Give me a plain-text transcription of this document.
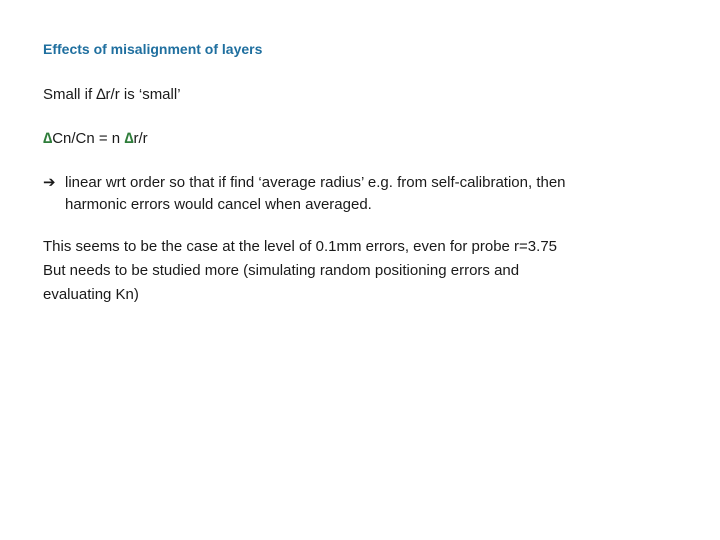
Effects of misalignment of layers
Small if ∆r/r is ‘small’
∆Cn/Cn = n ∆r/r
➔ linear wrt order so that if find ‘average radius’ e.g. from self-calibration, then
harmonic errors would cancel when averaged.
This seems to be the case at the level of 0.1mm errors, even for probe r=3.75
But needs to be studied more (simulating random positioning errors and
evaluating Kn)
